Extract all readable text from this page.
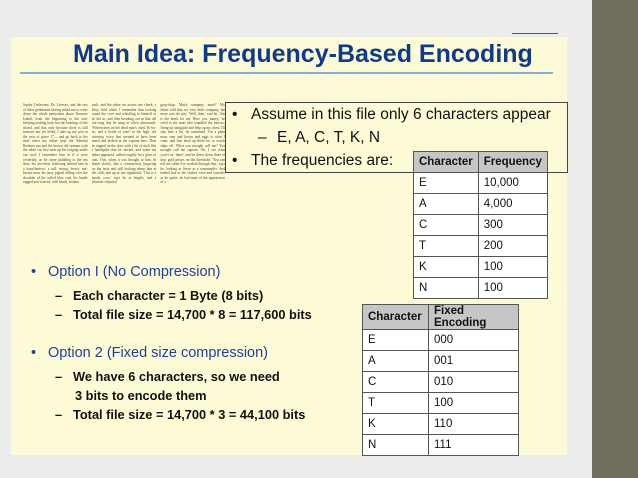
Main Idea: Frequency-Based Encoding
Squire Trelawney, Dr. Livesey, and the rest of these gentlemen having asked me to write down the whole particulars about Treasure Island, from the beginning to the end, keeping nothing back but the bearings of the island, and that only because there is still treasure not yet lifted, I take up my pen in the year of grace 17— and go back to the time when my father kept the Admiral Benbow inn and the brown old seaman with the sabre cut first took up his lodging under our roof. I remember him as if it were yesterday, as he came plodding to the inn door, his sea-chest following behind him in a hand-barrow; a tall, strong, heavy, nut-brown man, his tarry pigtail falling over the shoulder of his soiled blue coat, his hands ragged and scarred, with black, broken
nails, and the sabre cut across one cheek, a dirty, livid white. I remember him looking round the cove and whistling to himself as he did so, and then breaking out in that old sea-song that he sang so often afterwards: 'Fifteen men on the dead man's chest Yo-ho-ho, and a bottle of rum!' in the high, old tottering voice that seemed to have been tuned and broken at the capstan bars. Then he rapped on the door with a bit of stick like a handspike that he carried, and when my father appeared, called roughly for a glass of rum. This, when it was brought to him, he drank slowly, like a connoisseur, lingering on the taste and still looking about him at the cliffs and up at our signboard. 'This is a handy cove,' says he at length; 'and a pleasant sittyated
grog-shop. Much company, mate?' My father told him no, very little company, the more was the pity. 'Well, then,' said he, 'this is the berth for me. Here you, matey,' he cried to the man who trundled the barrow; 'bring up alongside and help up my chest. I'll stay here a bit,' he continued. 'I'm a plain man; rum and bacon and eggs is what I want, and that head up there for to watch ships off. What you mought call me? You mought call me captain. Oh, I see what you're at - there'; and he threw down three or four gold pieces on the threshold. 'You can tell me when I've worked through that,' says he, looking as fierce as a commander. And indeed bad as his clothes were and coarsely as he spoke, he had none of the appearance of a
• Assume in this file only 6 characters appear
– E, A, C, T, K, N
• The frequencies are: Character	Frequency
E	10,000
A	4,000
C	300
T	200
K	100
N	100
• Option I (No Compression)
– Each character = 1 Byte (8 bits)
– Total file size = 14,700 * 8 = 117,600 bits
• Option 2 (Fixed size compression)
– We have 6 characters, so we need
3 bits to encode them
– Total file size = 14,700 * 3 = 44,100 bits
Character	Fixed Encoding
E	000
A	001
C	010
T	100
K	110
N	111
